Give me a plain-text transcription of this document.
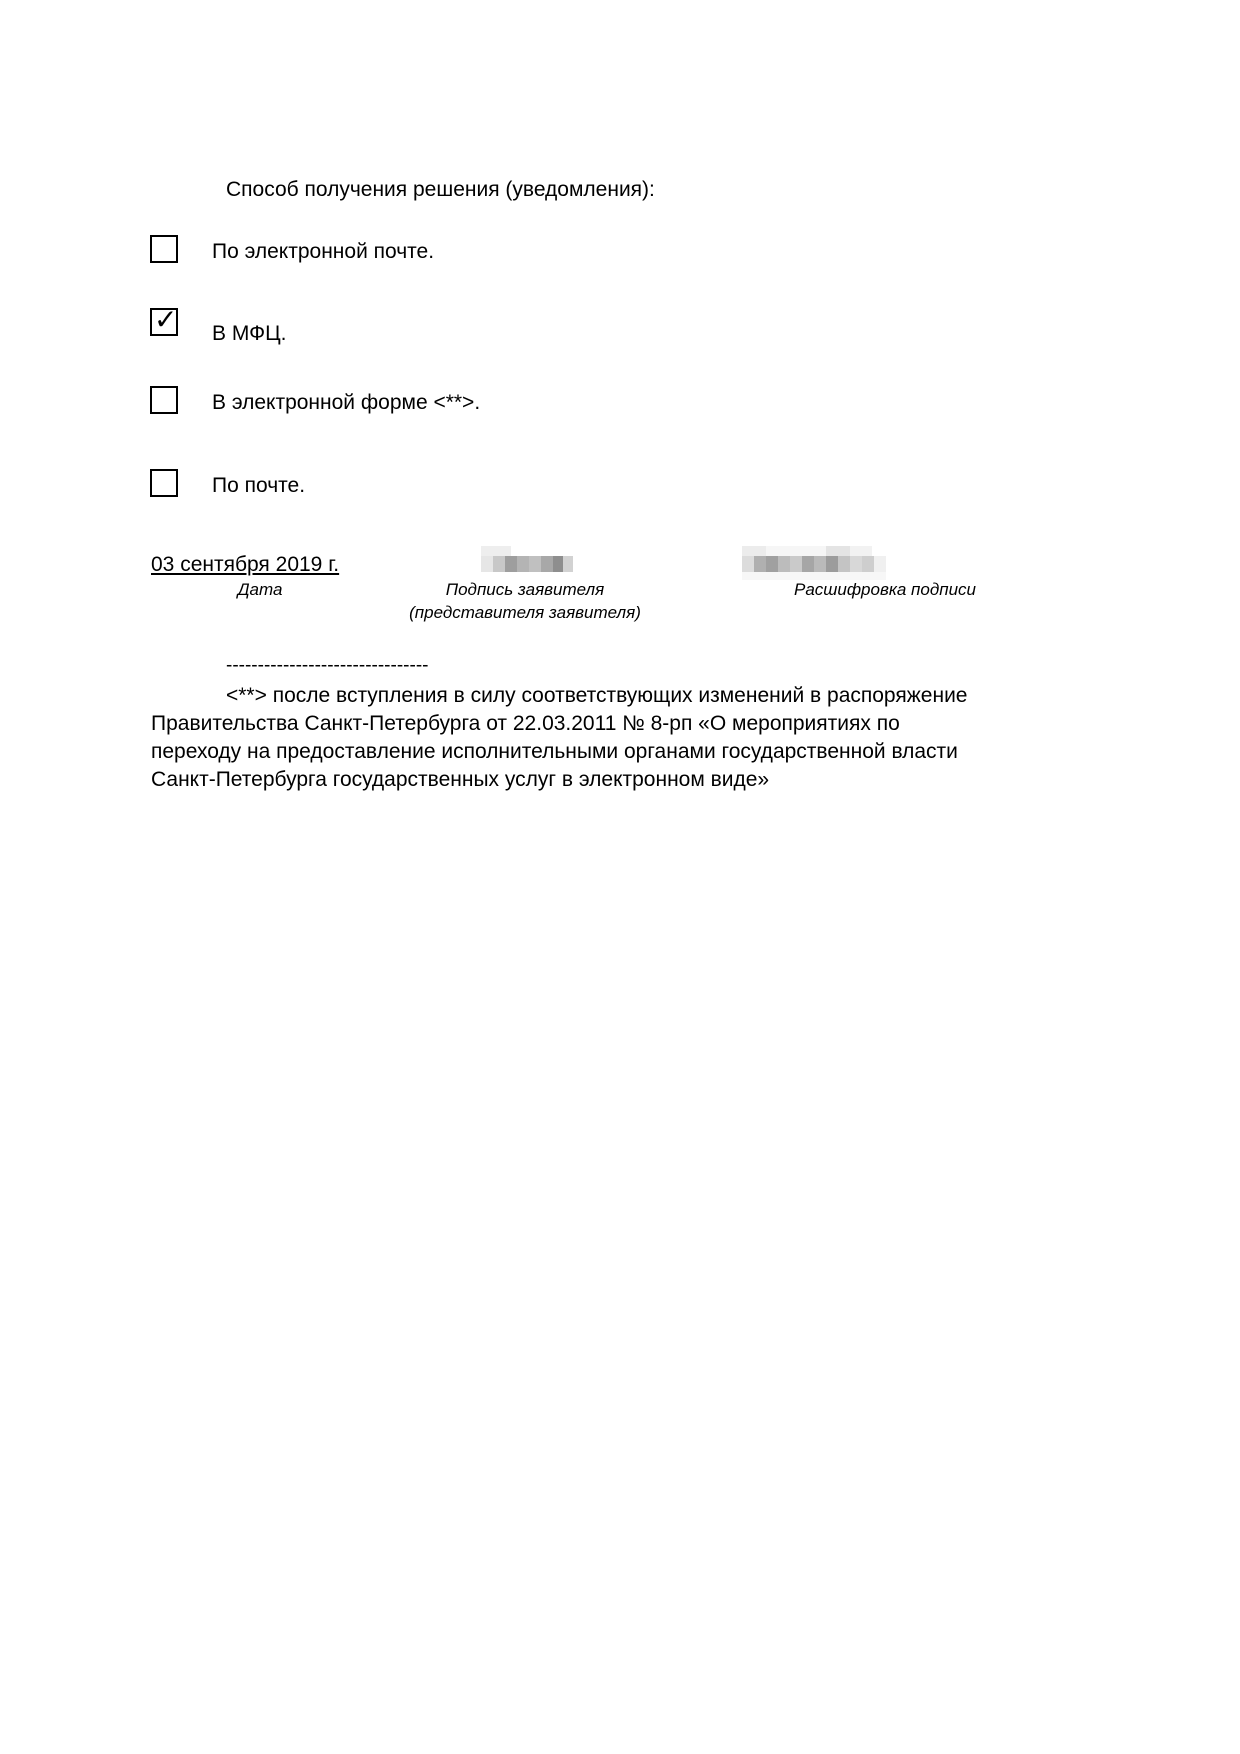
Способ получения решения (уведомления):
По электронной почте.
✓ В МФЦ.
В электронной форме <**>.
По почте.
03 сентября 2019 г.
Дата	Подпись заявителя
(представителя заявителя)
Расшифровка подписи
--------------------------------

<**> после вступления в силу соответствующих изменений в распоряжение Правительства Санкт-Петербурга от 22.03.2011 № 8-рп «О мероприятиях по переходу на предоставление исполнительными органами государственной власти Санкт-Петербурга государственных услуг в электронном виде»
